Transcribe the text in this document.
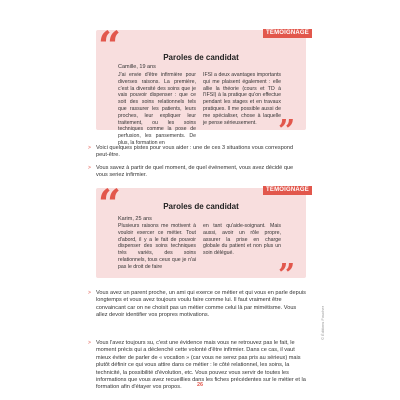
“	TÉMOIGNAGE
Paroles de candidat
Camille, 19 ans
J'ai envie d'être infirmière pour diverses raisons. La première, c'est la diversité des soins que je vais pouvoir dispenser : que ce soit des soins relationnels tels que rassurer les patients, leurs proches, leur expliquer leur traitement, ou les soins techniques comme la pose de perfusion, les pansements. De plus, la formation en
IFSI a deux avantages importants qui me plaisent également : elle allie la théorie (cours et TD à l'IFSI) à la pratique qu'on effectue pendant les stages et en travaux pratiques. Il me possible aussi de me spécialiser, chose à laquelle je pense sérieusement. ”
> Voici quelques pistes pour vous aider : une de ces 3 situations vous correspond peut-être.
> Vous savez à partir de quel moment, de quel événement, vous avez décidé que vous seriez infirmier.
“	TÉMOIGNAGE
Paroles de candidat
Karim, 25 ans
Plusieurs raisons me motivent à vouloir exercer ce métier. Tout d'abord, il y a le fait de pouvoir dispenser des soins techniques très variés, des soins relationnels, tous ceux que je n'ai pas le droit de faire
en tant qu'aide-soignant. Mais aussi, avoir un rôle propre, assurer la prise en charge globale du patient et non plus un soin délégué.
”
> Vous avez un parent proche, un ami qui exerce ce métier et qui vous en parle depuis longtemps et vous avez toujours voulu faire comme lui. Il faut vraiment être convaincant car on ne choisit pas un métier comme celui là par mimétisme. Vous allez devoir identifier vos propres motivations.
> Vous l'avez toujours su, c'est une évidence mais vous ne retrouvez pas le fait, le moment précis qui a déclenché cette volonté d'être infirmier. Dans ce cas, il vaut mieux éviter de parler de « vocation » (car vous ne serez pas pris au sérieux) mais plutôt définir ce qui vous attire dans ce métier : le côté relationnel, les soins, la technicité, la possibilité d'évolution, etc. Vous pouvez vous servir de toutes les informations que vous avez recueillies dans les fiches précédentes sur le métier et la formation afin d'étayer vos propos.	26
© Éditions Foucher
